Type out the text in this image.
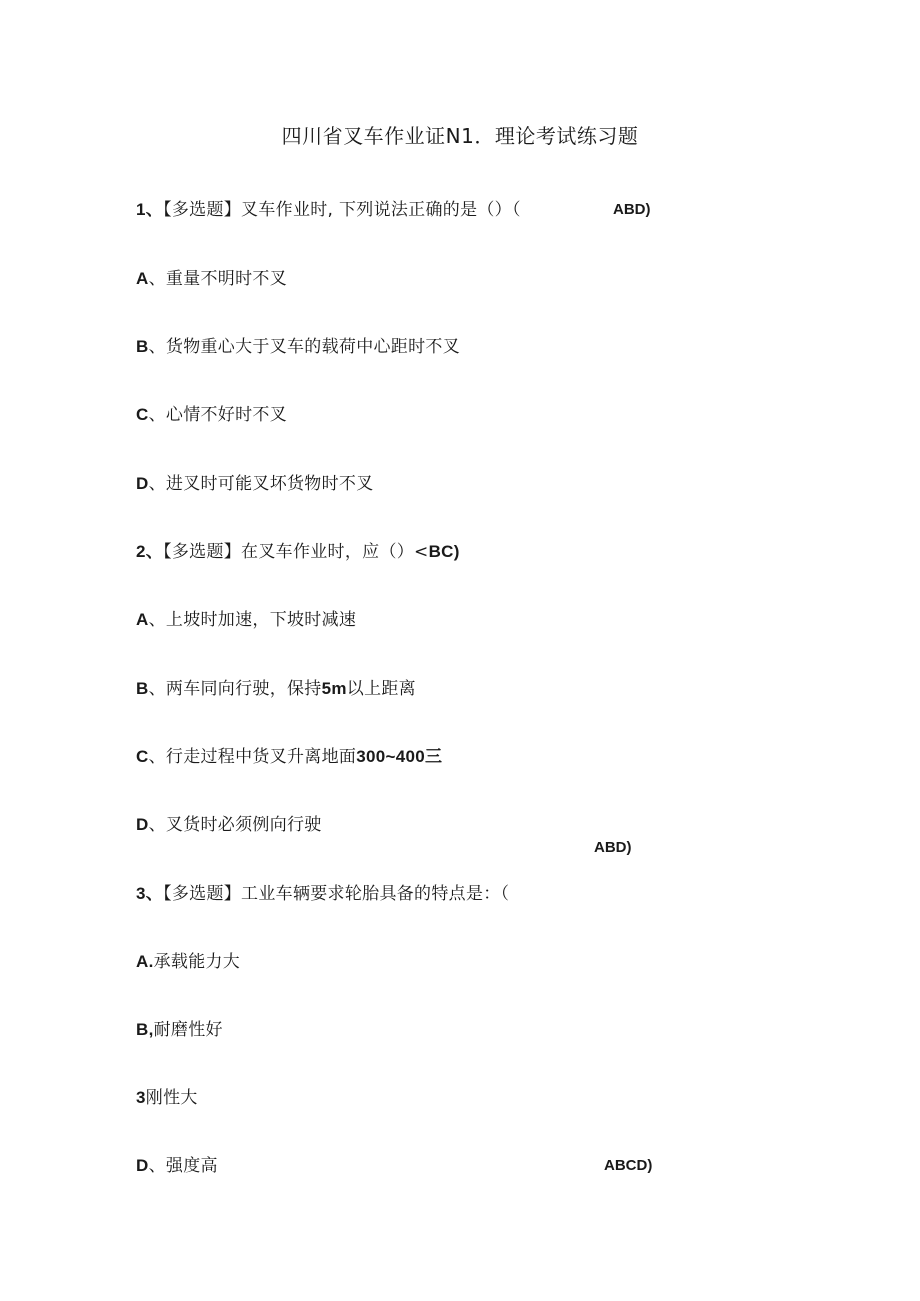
四川省叉车作业证N1．理论考试练习题
1、【多选题】叉车作业时, 下列说法正确的是（）（	ABD)
A、重量不明时不叉
B、货物重心大于叉车的载荷中心距时不叉
C、心情不好时不叉
D、进叉时可能叉坏货物时不叉
2、【多选题】在叉车作业时，应（）<BC)
A、上坡时加速，下坡时减速
B、两车同向行驶，保持5m以上距离
C、行走过程中货叉升离地面300~400三
D、叉货时必须例向行驶
ABD)
3、【多选题】工业车辆要求轮胎具备的特点是：（
A.承载能力大
B,耐磨性好
3刚性大
D、强度高	ABCD)
